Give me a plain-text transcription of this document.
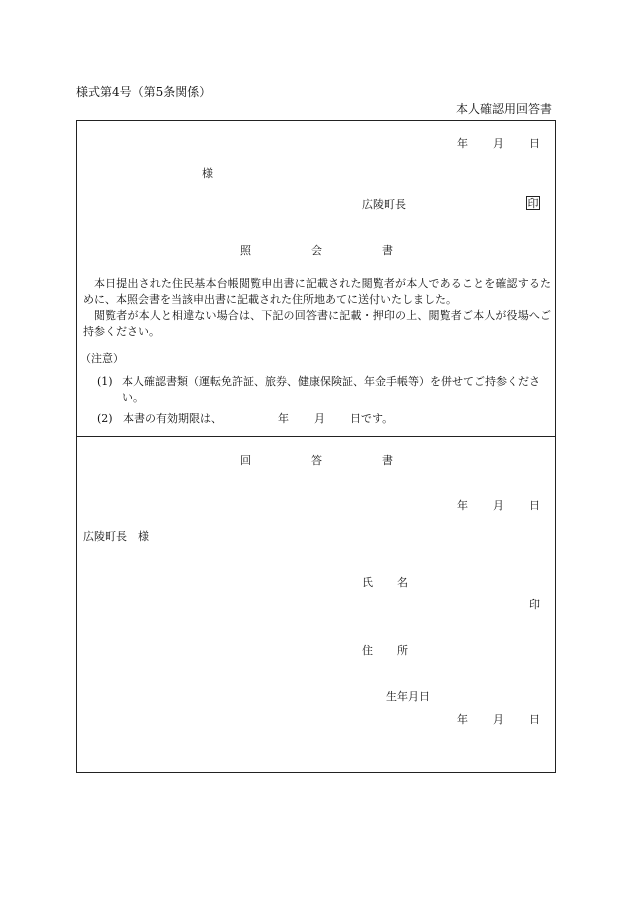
様式第4号（第5条関係）
本人確認用回答書
年 月 日
様
広陵町長	印
照	会	書
本日提出された住民基本台帳閲覧申出書に記載された閲覧者が本人であることを確認するために、本照会書を当該申出書に記載された住所地あてに送付いたしました。
閲覧者が本人と相違ない場合は、下記の回答書に記載・押印の上、閲覧者ご本人が役場へご持参ください。
（注意）
(1) 本人確認書類（運転免許証、旅券、健康保険証、年金手帳等）を併せてご持参ください。
(2) 本書の有効期限は、	年 月 日です。
回	答	書
年 月 日
広陵町長　様
氏 名
印
住 所
生年月日
年 月 日
